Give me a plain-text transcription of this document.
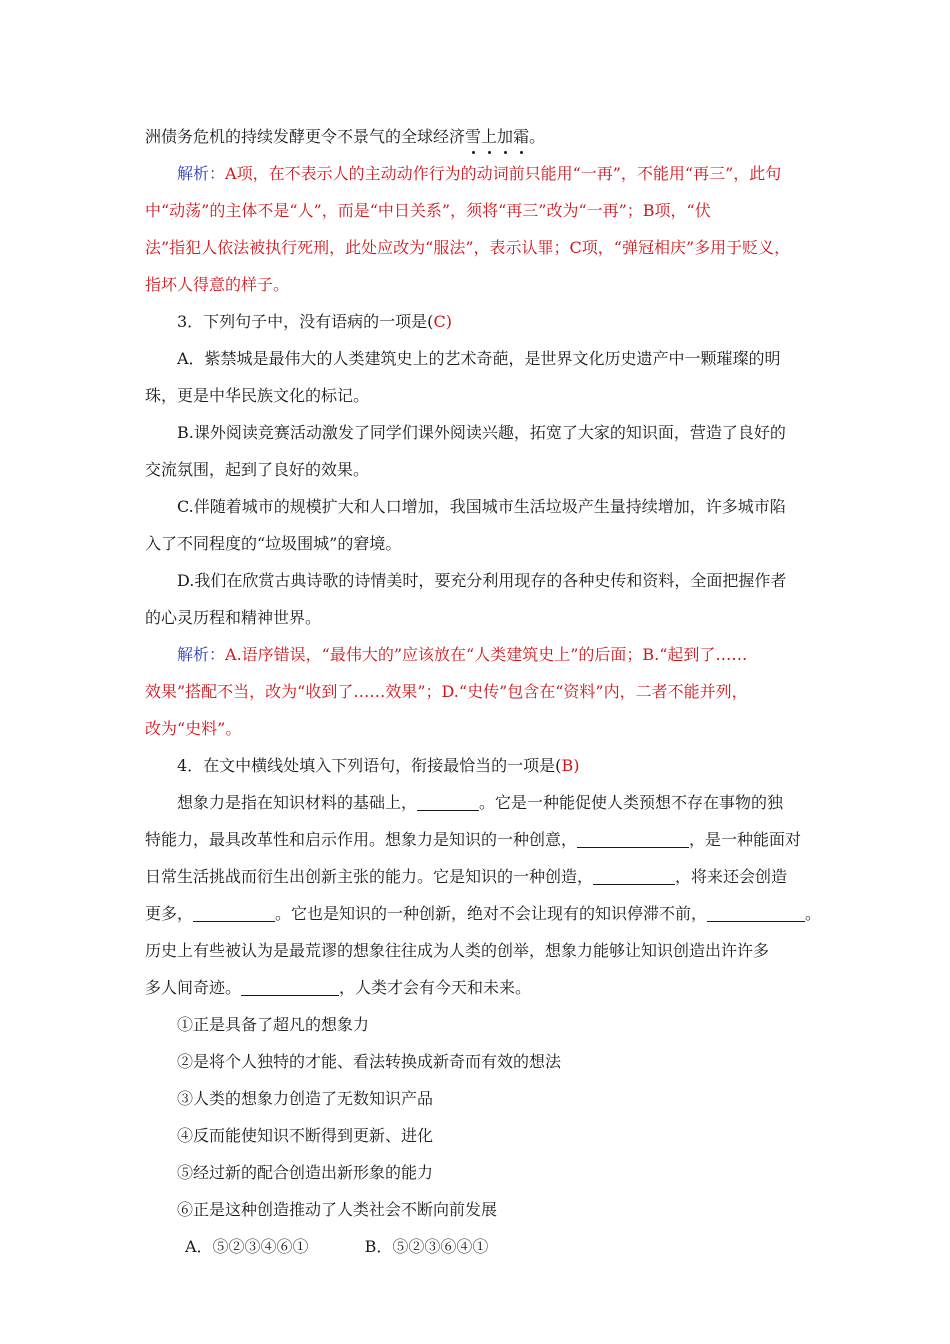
洲债务危机的持续发酵更令不景气的全球经济雪上加霜。

解析：A项，在不表示人的主动动作行为的动词前只能用“一再”，不能用“再三”，此句

中“动荡”的主体不是“人”，而是“中日关系”，须将“再三”改为“一再”；B项，“伏

法”指犯人依法被执行死刑，此处应改为“服法”，表示认罪；C项，“弹冠相庆”多用于贬义，

指坏人得意的样子。

3．下列句子中，没有语病的一项是(C)

A．紫禁城是最伟大的人类建筑史上的艺术奇葩，是世界文化历史遗产中一颗璀璨的明

珠，更是中华民族文化的标记。

B.课外阅读竞赛活动激发了同学们课外阅读兴趣，拓宽了大家的知识面，营造了良好的

交流氛围，起到了良好的效果。

C.伴随着城市的规模扩大和人口增加，我国城市生活垃圾产生量持续增加，许多城市陷

入了不同程度的“垃圾围城”的窘境。

D.我们在欣赏古典诗歌的诗情美时，要充分利用现存的各种史传和资料，全面把握作者

的心灵历程和精神世界。

解析：A.语序错误，“最伟大的”应该放在“人类建筑史上”的后面；B.“起到了……

效果”搭配不当，改为“收到了……效果”；D.“史传”包含在“资料”内，二者不能并列，

改为“史料”。

4．在文中横线处填入下列语句，衔接最恰当的一项是(B)

想象力是指在知识材料的基础上，	。它是一种能促使人类预想不存在事物的独

特能力，最具改革性和启示作用。想象力是知识的一种创意，	，是一种能面对

日常生活挑战而衍生出创新主张的能力。它是知识的一种创造，	，将来还会创造

更多，	。它也是知识的一种创新，绝对不会让现有的知识停滞不前，	。

历史上有些被认为是最荒谬的想象往往成为人类的创举，想象力能够让知识创造出许许多

多人间奇迹。	，人类才会有今天和未来。

①正是具备了超凡的想象力

②是将个人独特的才能、看法转换成新奇而有效的想法

③人类的想象力创造了无数知识产品

④反而能使知识不断得到更新、进化

⑤经过新的配合创造出新形象的能力

⑥正是这种创造推动了人类社会不断向前发展

A．⑤②③④⑥①	B．⑤②③⑥④①
